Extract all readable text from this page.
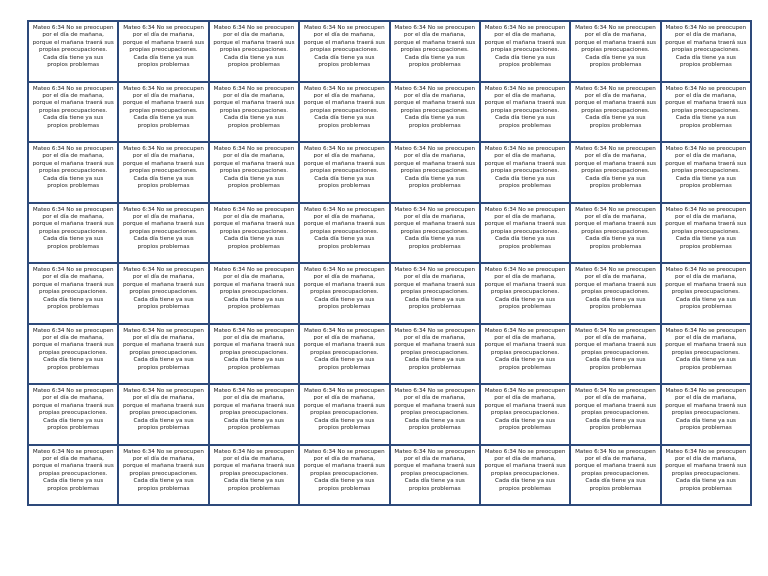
Mateo 6:34 No se preocupen por el día de mañana, porque el mañana traerá sus propias preocupaciones. Cada día tiene ya sus propios problemas
Mateo 6:34 No se preocupen por el día de mañana, porque el mañana traerá sus propias preocupaciones. Cada día tiene ya sus propios problemas
Mateo 6:34 No se preocupen por el día de mañana, porque el mañana traerá sus propias preocupaciones. Cada día tiene ya sus propios problemas
Mateo 6:34 No se preocupen por el día de mañana, porque el mañana traerá sus propias preocupaciones. Cada día tiene ya sus propios problemas
Mateo 6:34 No se preocupen por el día de mañana, porque el mañana traerá sus propias preocupaciones. Cada día tiene ya sus propios problemas
Mateo 6:34 No se preocupen por el día de mañana, porque el mañana traerá sus propias preocupaciones. Cada día tiene ya sus propios problemas
Mateo 6:34 No se preocupen por el día de mañana, porque el mañana traerá sus propias preocupaciones. Cada día tiene ya sus propios problemas
Mateo 6:34 No se preocupen por el día de mañana, porque el mañana traerá sus propias preocupaciones. Cada día tiene ya sus propios problemas
Mateo 6:34 No se preocupen por el día de mañana, porque el mañana traerá sus propias preocupaciones. Cada día tiene ya sus propios problemas
Mateo 6:34 No se preocupen por el día de mañana, porque el mañana traerá sus propias preocupaciones. Cada día tiene ya sus propios problemas
Mateo 6:34 No se preocupen por el día de mañana, porque el mañana traerá sus propias preocupaciones. Cada día tiene ya sus propios problemas
Mateo 6:34 No se preocupen por el día de mañana, porque el mañana traerá sus propias preocupaciones. Cada día tiene ya sus propios problemas
Mateo 6:34 No se preocupen por el día de mañana, porque el mañana traerá sus propias preocupaciones. Cada día tiene ya sus propios problemas
Mateo 6:34 No se preocupen por el día de mañana, porque el mañana traerá sus propias preocupaciones. Cada día tiene ya sus propios problemas
Mateo 6:34 No se preocupen por el día de mañana, porque el mañana traerá sus propias preocupaciones. Cada día tiene ya sus propios problemas
Mateo 6:34 No se preocupen por el día de mañana, porque el mañana traerá sus propias preocupaciones. Cada día tiene ya sus propios problemas
Mateo 6:34 No se preocupen por el día de mañana, porque el mañana traerá sus propias preocupaciones. Cada día tiene ya sus propios problemas
Mateo 6:34 No se preocupen por el día de mañana, porque el mañana traerá sus propias preocupaciones. Cada día tiene ya sus propios problemas
Mateo 6:34 No se preocupen por el día de mañana, porque el mañana traerá sus propias preocupaciones. Cada día tiene ya sus propios problemas
Mateo 6:34 No se preocupen por el día de mañana, porque el mañana traerá sus propias preocupaciones. Cada día tiene ya sus propios problemas
Mateo 6:34 No se preocupen por el día de mañana, porque el mañana traerá sus propias preocupaciones. Cada día tiene ya sus propios problemas
Mateo 6:34 No se preocupen por el día de mañana, porque el mañana traerá sus propias preocupaciones. Cada día tiene ya sus propios problemas
Mateo 6:34 No se preocupen por el día de mañana, porque el mañana traerá sus propias preocupaciones. Cada día tiene ya sus propios problemas
Mateo 6:34 No se preocupen por el día de mañana, porque el mañana traerá sus propias preocupaciones. Cada día tiene ya sus propios problemas
Mateo 6:34 No se preocupen por el día de mañana, porque el mañana traerá sus propias preocupaciones. Cada día tiene ya sus propios problemas
Mateo 6:34 No se preocupen por el día de mañana, porque el mañana traerá sus propias preocupaciones. Cada día tiene ya sus propios problemas
Mateo 6:34 No se preocupen por el día de mañana, porque el mañana traerá sus propias preocupaciones. Cada día tiene ya sus propios problemas
Mateo 6:34 No se preocupen por el día de mañana, porque el mañana traerá sus propias preocupaciones. Cada día tiene ya sus propios problemas
Mateo 6:34 No se preocupen por el día de mañana, porque el mañana traerá sus propias preocupaciones. Cada día tiene ya sus propios problemas
Mateo 6:34 No se preocupen por el día de mañana, porque el mañana traerá sus propias preocupaciones. Cada día tiene ya sus propios problemas
Mateo 6:34 No se preocupen por el día de mañana, porque el mañana traerá sus propias preocupaciones. Cada día tiene ya sus propios problemas
Mateo 6:34 No se preocupen por el día de mañana, porque el mañana traerá sus propias preocupaciones. Cada día tiene ya sus propios problemas
Mateo 6:34 No se preocupen por el día de mañana, porque el mañana traerá sus propias preocupaciones. Cada día tiene ya sus propios problemas
Mateo 6:34 No se preocupen por el día de mañana, porque el mañana traerá sus propias preocupaciones. Cada día tiene ya sus propios problemas
Mateo 6:34 No se preocupen por el día de mañana, porque el mañana traerá sus propias preocupaciones. Cada día tiene ya sus propios problemas
Mateo 6:34 No se preocupen por el día de mañana, porque el mañana traerá sus propias preocupaciones. Cada día tiene ya sus propios problemas
Mateo 6:34 No se preocupen por el día de mañana, porque el mañana traerá sus propias preocupaciones. Cada día tiene ya sus propios problemas
Mateo 6:34 No se preocupen por el día de mañana, porque el mañana traerá sus propias preocupaciones. Cada día tiene ya sus propios problemas
Mateo 6:34 No se preocupen por el día de mañana, porque el mañana traerá sus propias preocupaciones. Cada día tiene ya sus propios problemas
Mateo 6:34 No se preocupen por el día de mañana, porque el mañana traerá sus propias preocupaciones. Cada día tiene ya sus propios problemas
Mateo 6:34 No se preocupen por el día de mañana, porque el mañana traerá sus propias preocupaciones. Cada día tiene ya sus propios problemas
Mateo 6:34 No se preocupen por el día de mañana, porque el mañana traerá sus propias preocupaciones. Cada día tiene ya sus propios problemas
Mateo 6:34 No se preocupen por el día de mañana, porque el mañana traerá sus propias preocupaciones. Cada día tiene ya sus propios problemas
Mateo 6:34 No se preocupen por el día de mañana, porque el mañana traerá sus propias preocupaciones. Cada día tiene ya sus propios problemas
Mateo 6:34 No se preocupen por el día de mañana, porque el mañana traerá sus propias preocupaciones. Cada día tiene ya sus propios problemas
Mateo 6:34 No se preocupen por el día de mañana, porque el mañana traerá sus propias preocupaciones. Cada día tiene ya sus propios problemas
Mateo 6:34 No se preocupen por el día de mañana, porque el mañana traerá sus propias preocupaciones. Cada día tiene ya sus propios problemas
Mateo 6:34 No se preocupen por el día de mañana, porque el mañana traerá sus propias preocupaciones. Cada día tiene ya sus propios problemas
Mateo 6:34 No se preocupen por el día de mañana, porque el mañana traerá sus propias preocupaciones. Cada día tiene ya sus propios problemas
Mateo 6:34 No se preocupen por el día de mañana, porque el mañana traerá sus propias preocupaciones. Cada día tiene ya sus propios problemas
Mateo 6:34 No se preocupen por el día de mañana, porque el mañana traerá sus propias preocupaciones. Cada día tiene ya sus propios problemas
Mateo 6:34 No se preocupen por el día de mañana, porque el mañana traerá sus propias preocupaciones. Cada día tiene ya sus propios problemas
Mateo 6:34 No se preocupen por el día de mañana, porque el mañana traerá sus propias preocupaciones. Cada día tiene ya sus propios problemas
Mateo 6:34 No se preocupen por el día de mañana, porque el mañana traerá sus propias preocupaciones. Cada día tiene ya sus propios problemas
Mateo 6:34 No se preocupen por el día de mañana, porque el mañana traerá sus propias preocupaciones. Cada día tiene ya sus propios problemas
Mateo 6:34 No se preocupen por el día de mañana, porque el mañana traerá sus propias preocupaciones. Cada día tiene ya sus propios problemas
Mateo 6:34 No se preocupen por el día de mañana, porque el mañana traerá sus propias preocupaciones. Cada día tiene ya sus propios problemas
Mateo 6:34 No se preocupen por el día de mañana, porque el mañana traerá sus propias preocupaciones. Cada día tiene ya sus propios problemas
Mateo 6:34 No se preocupen por el día de mañana, porque el mañana traerá sus propias preocupaciones. Cada día tiene ya sus propios problemas
Mateo 6:34 No se preocupen por el día de mañana, porque el mañana traerá sus propias preocupaciones. Cada día tiene ya sus propios problemas
Mateo 6:34 No se preocupen por el día de mañana, porque el mañana traerá sus propias preocupaciones. Cada día tiene ya sus propios problemas
Mateo 6:34 No se preocupen por el día de mañana, porque el mañana traerá sus propias preocupaciones. Cada día tiene ya sus propios problemas
Mateo 6:34 No se preocupen por el día de mañana, porque el mañana traerá sus propias preocupaciones. Cada día tiene ya sus propios problemas
Mateo 6:34 No se preocupen por el día de mañana, porque el mañana traerá sus propias preocupaciones. Cada día tiene ya sus propios problemas
